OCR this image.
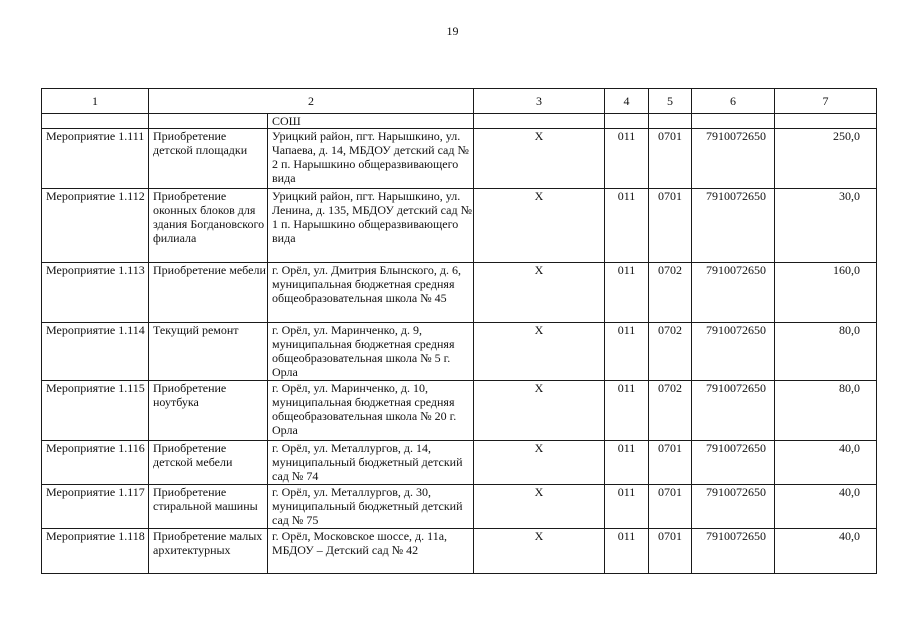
19
1	2		3	4	5	6	7
		СОШ					
Мероприятие 1.111	Приобретение детской площадки	Урицкий район, пгт. Нарышкино, ул. Чапаева, д. 14, МБДОУ детский сад № 2 п. Нарышкино общеразвивающего вида	Х	011	0701	7910072650	250,0
Мероприятие 1.112	Приобретение оконных блоков для здания Богдановского филиала	Урицкий район, пгт. Нарышкино, ул. Ленина, д. 135, МБДОУ детский сад № 1 п. Нарышкино общеразвивающего вида	Х	011	0701	7910072650	30,0
Мероприятие 1.113	Приобретение мебели	г. Орёл, ул. Дмитрия Блынского, д. 6, муниципальная бюджетная средняя общеобразовательная школа № 45	Х	011	0702	7910072650	160,0
Мероприятие 1.114	Текущий ремонт	г. Орёл, ул. Маринченко, д. 9, муниципальная бюджетная средняя общеобразовательная школа № 5 г. Орла	Х	011	0702	7910072650	80,0
Мероприятие 1.115	Приобретение ноутбука	г. Орёл, ул. Маринченко, д. 10, муниципальная бюджетная средняя общеобразовательная школа № 20 г. Орла	Х	011	0702	7910072650	80,0
Мероприятие 1.116	Приобретение детской мебели	г. Орёл, ул. Металлургов, д. 14, муниципальный бюджетный детский сад № 74	Х	011	0701	7910072650	40,0
Мероприятие 1.117	Приобретение стиральной машины	г. Орёл, ул. Металлургов, д. 30, муниципальный бюджетный детский сад № 75	Х	011	0701	7910072650	40,0
Мероприятие 1.118	Приобретение малых архитектурных	г. Орёл, Московское шоссе, д. 11а, МБДОУ – Детский сад № 42	Х	011	0701	7910072650	40,0
